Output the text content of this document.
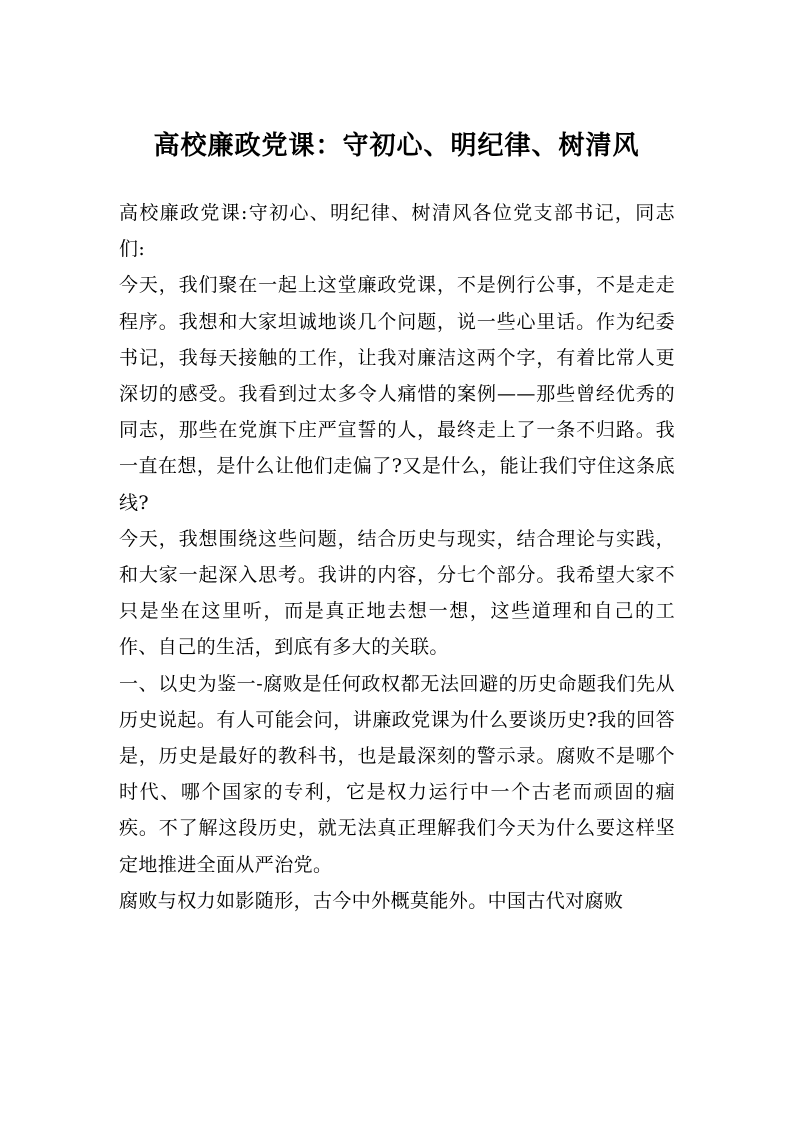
高校廉政党课：守初心、明纪律、树清风

高校廉政党课:守初心、明纪律、树清风各位党支部书记，同志们:

今天，我们聚在一起上这堂廉政党课，不是例行公事，不是走走程序。我想和大家坦诚地谈几个问题，说一些心里话。作为纪委书记，我每天接触的工作，让我对廉洁这两个字，有着比常人更深切的感受。我看到过太多令人痛惜的案例——那些曾经优秀的同志，那些在党旗下庄严宣誓的人，最终走上了一条不归路。我一直在想，是什么让他们走偏了?又是什么，能让我们守住这条底线?

今天，我想围绕这些问题，结合历史与现实，结合理论与实践，和大家一起深入思考。我讲的内容，分七个部分。我希望大家不只是坐在这里听，而是真正地去想一想，这些道理和自己的工作、自己的生活，到底有多大的关联。

一、以史为鉴一-腐败是任何政权都无法回避的历史命题我们先从历史说起。有人可能会问，讲廉政党课为什么要谈历史?我的回答是，历史是最好的教科书，也是最深刻的警示录。腐败不是哪个时代、哪个国家的专利，它是权力运行中一个古老而顽固的痼疾。不了解这段历史，就无法真正理解我们今天为什么要这样坚定地推进全面从严治党。

腐败与权力如影随形，古今中外概莫能外。中国古代对腐败
